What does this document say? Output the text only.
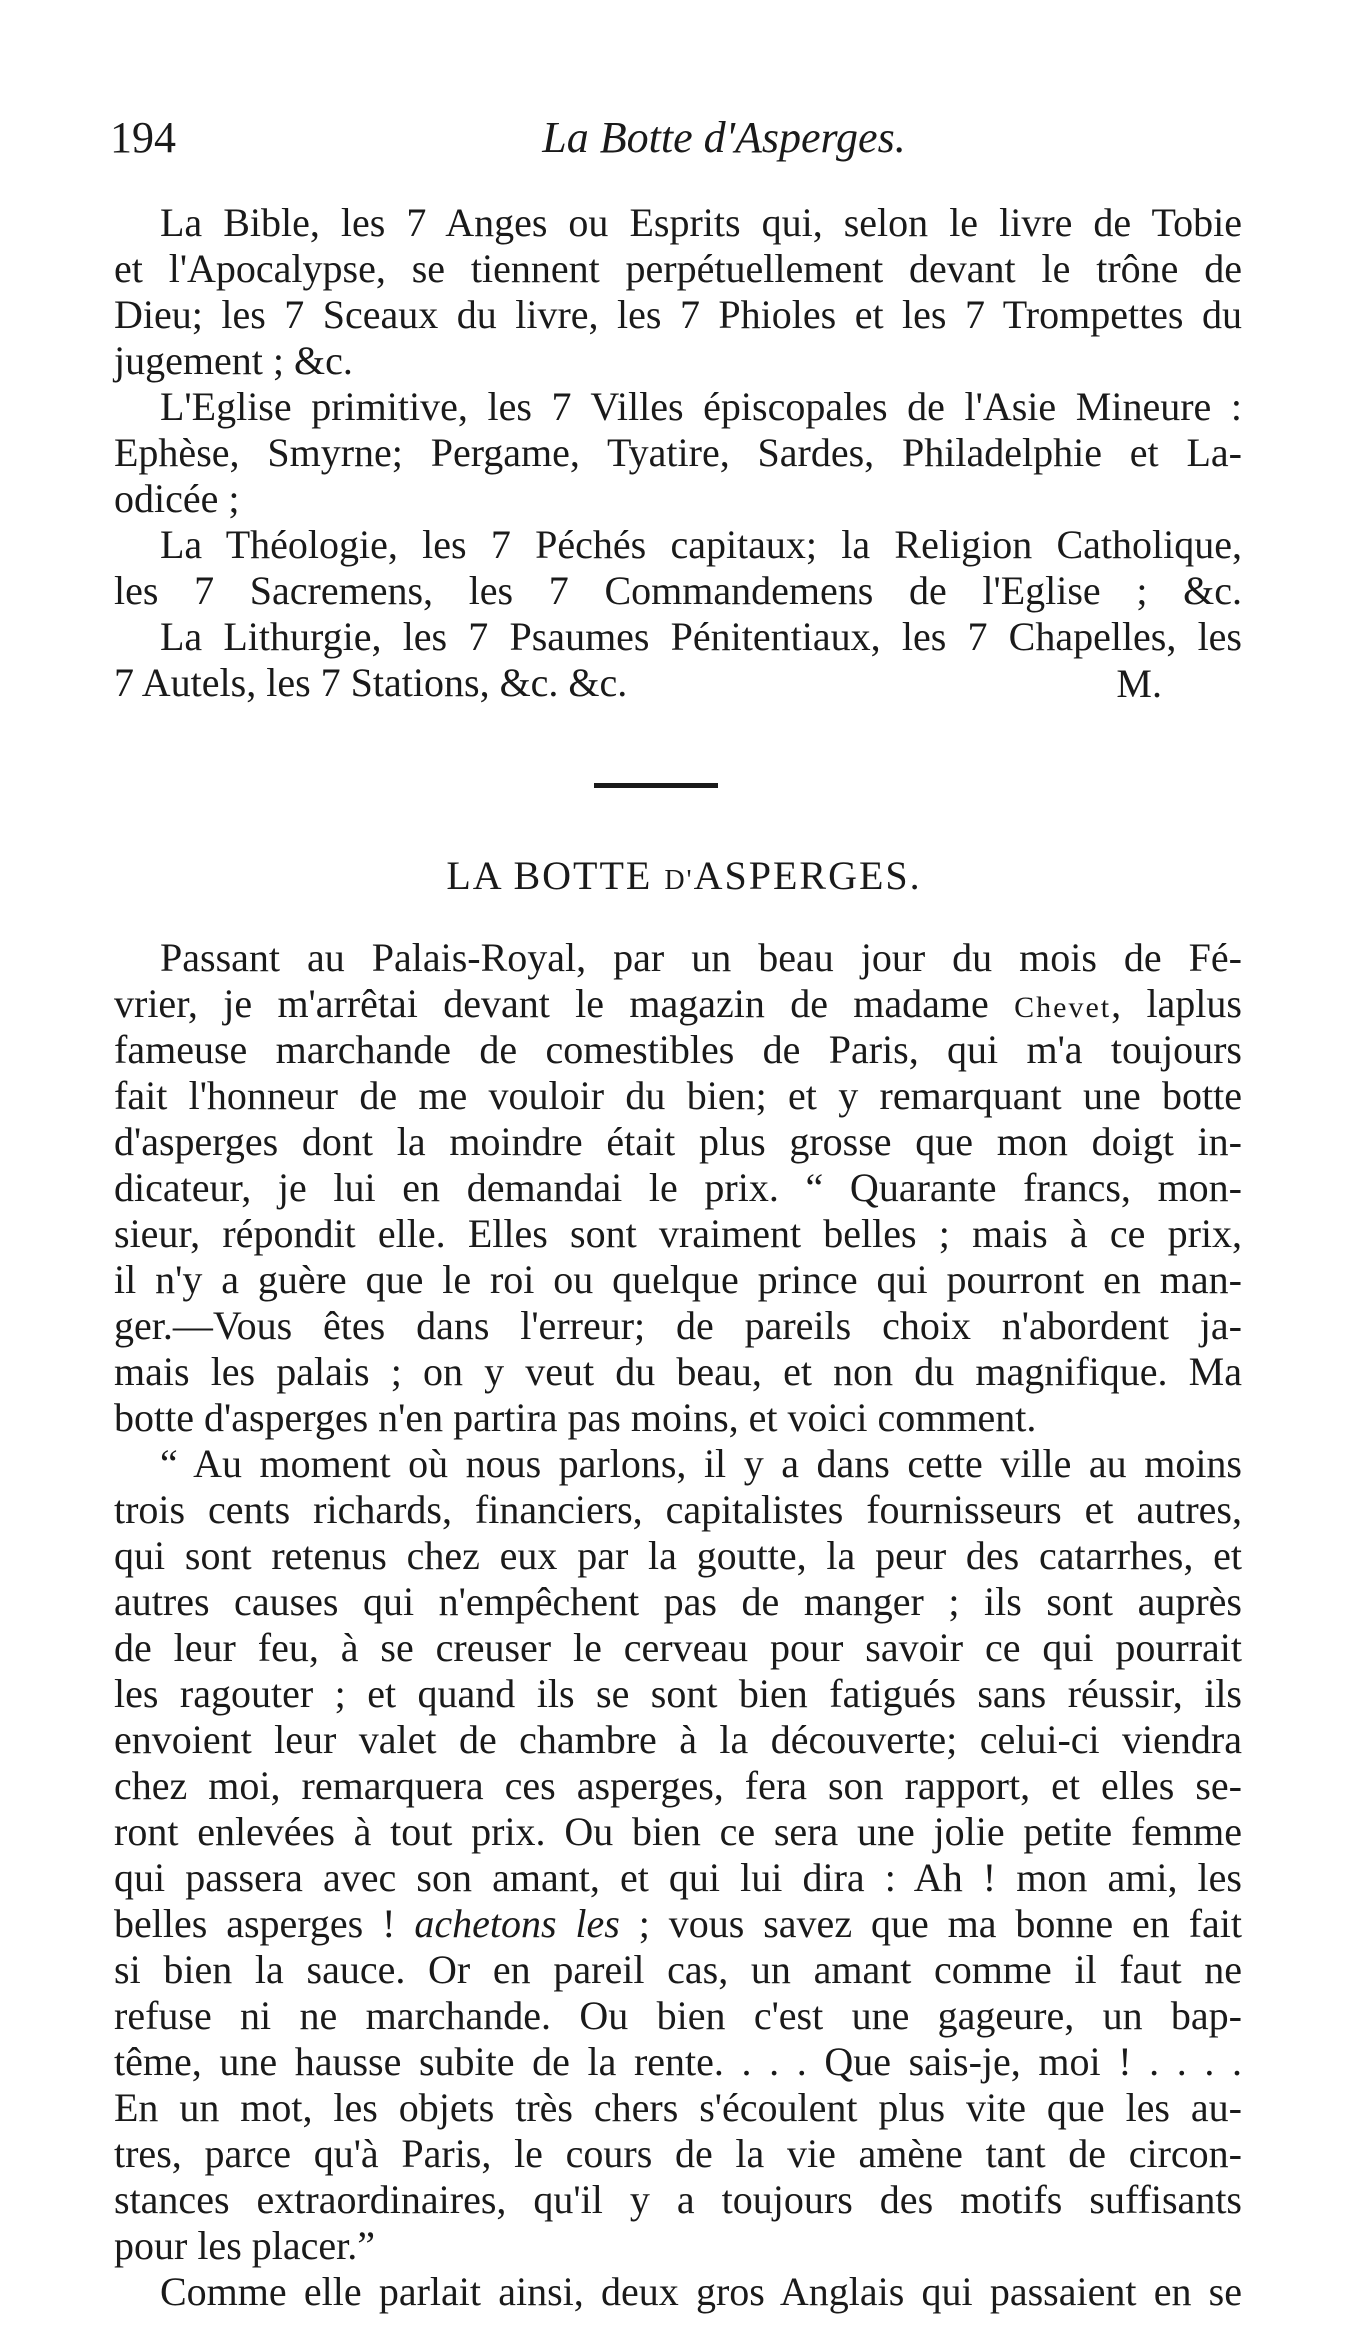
194	La Botte d'Asperges.
La Bible, les 7 Anges ou Esprits qui, selon le livre de Tobie
et l'Apocalypse, se tiennent perpétuellement devant le trône de
Dieu; les 7 Sceaux du livre, les 7 Phioles et les 7 Trompettes du
jugement ; &c.
L'Eglise primitive, les 7 Villes épiscopales de l'Asie Mineure :
Ephèse, Smyrne; Pergame, Tyatire, Sardes, Philadelphie et La-
odicée ;
La Théologie, les 7 Péchés capitaux; la Religion Catholique,
les 7 Sacremens, les 7 Commandemens de l'Eglise ; &c.
La Lithurgie, les 7 Psaumes Pénitentiaux, les 7 Chapelles, les
7 Autels, les 7 Stations, &c. &c.	M.
LA BOTTE D'ASPERGES.
Passant au Palais-Royal, par un beau jour du mois de Fé-
vrier, je m'arrêtai devant le magazin de madame Chevet, laplus
fameuse marchande de comestibles de Paris, qui m'a toujours
fait l'honneur de me vouloir du bien; et y remarquant une botte
d'asperges dont la moindre était plus grosse que mon doigt in-
dicateur, je lui en demandai le prix. “ Quarante francs, mon-
sieur, répondit elle. Elles sont vraiment belles ; mais à ce prix,
il n'y a guère que le roi ou quelque prince qui pourront en man-
ger.—Vous êtes dans l'erreur; de pareils choix n'abordent ja-
mais les palais ; on y veut du beau, et non du magnifique. Ma
botte d'asperges n'en partira pas moins, et voici comment.
“ Au moment où nous parlons, il y a dans cette ville au moins
trois cents richards, financiers, capitalistes fournisseurs et autres,
qui sont retenus chez eux par la goutte, la peur des catarrhes, et
autres causes qui n'empêchent pas de manger ; ils sont auprès
de leur feu, à se creuser le cerveau pour savoir ce qui pourrait
les ragouter ; et quand ils se sont bien fatigués sans réussir, ils
envoient leur valet de chambre à la découverte; celui-ci viendra
chez moi, remarquera ces asperges, fera son rapport, et elles se-
ront enlevées à tout prix. Ou bien ce sera une jolie petite femme
qui passera avec son amant, et qui lui dira : Ah ! mon ami, les
belles asperges ! achetons les ; vous savez que ma bonne en fait
si bien la sauce. Or en pareil cas, un amant comme il faut ne
refuse ni ne marchande. Ou bien c'est une gageure, un bap-
tême, une hausse subite de la rente. . . . Que sais-je, moi ! . . . .
En un mot, les objets très chers s'écoulent plus vite que les au-
tres, parce qu'à Paris, le cours de la vie amène tant de circon-
stances extraordinaires, qu'il y a toujours des motifs suffisants
pour les placer.”
Comme elle parlait ainsi, deux gros Anglais qui passaient en se
